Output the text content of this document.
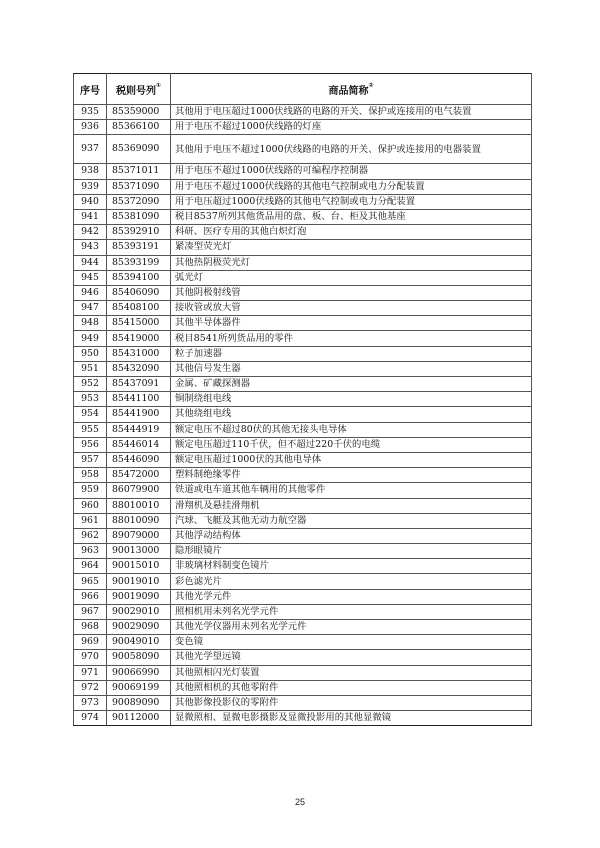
序号	税则号列①	商品简称②
935	85359000	其他用于电压超过1000伏线路的电路的开关、保护或连接用的电气装置
936	85366100	用于电压不超过1000伏线路的灯座
937	85369090	其他用于电压不超过1000伏线路的电路的开关、保护或连接用的电器装置
938	85371011	用于电压不超过1000伏线路的可编程序控制器
939	85371090	用于电压不超过1000伏线路的其他电气控制或电力分配装置
940	85372090	用于电压超过1000伏线路的其他电气控制或电力分配装置
941	85381090	税目8537所列其他货品用的盘、板、台、柜及其他基座
942	85392910	科研、医疗专用的其他白炽灯泡
943	85393191	紧凑型荧光灯
944	85393199	其他热阴极荧光灯
945	85394100	弧光灯
946	85406090	其他阴极射线管
947	85408100	接收管或放大管
948	85415000	其他半导体器件
949	85419000	税目8541所列货品用的零件
950	85431000	粒子加速器
951	85432090	其他信号发生器
952	85437091	金属、矿藏探测器
953	85441100	铜制绕组电线
954	85441900	其他绕组电线
955	85444919	额定电压不超过80伏的其他无接头电导体
956	85446014	额定电压超过110千伏，但不超过220千伏的电缆
957	85446090	额定电压超过1000伏的其他电导体
958	85472000	塑料制绝缘零件
959	86079900	铁道或电车道其他车辆用的其他零件
960	88010010	滑翔机及悬挂滑翔机
961	88010090	汽球、飞艇及其他无动力航空器
962	89079000	其他浮动结构体
963	90013000	隐形眼镜片
964	90015010	非玻璃材料制变色镜片
965	90019010	彩色滤光片
966	90019090	其他光学元件
967	90029010	照相机用未列名光学元件
968	90029090	其他光学仪器用未列名光学元件
969	90049010	变色镜
970	90058090	其他光学望远镜
971	90066990	其他照相闪光灯装置
972	90069199	其他照相机的其他零附件
973	90089090	其他影像投影仪的零附件
974	90112000	显微照相、显微电影摄影及显微投影用的其他显微镜
25
